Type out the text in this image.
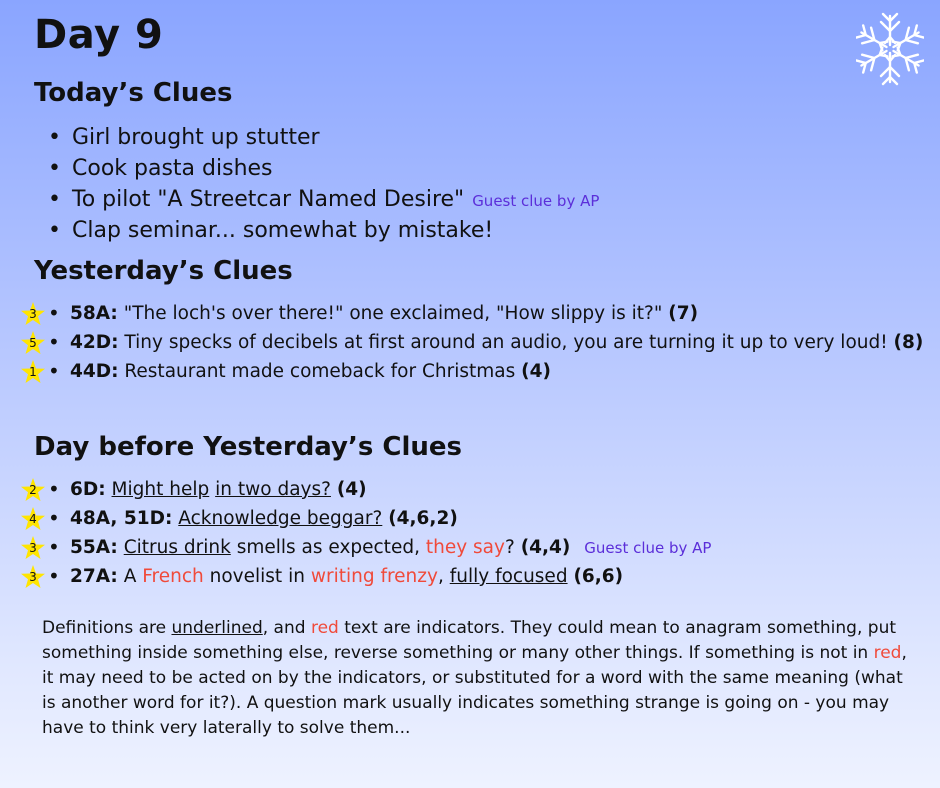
Day 9
Today’s Clues
• Girl brought up stutter
• Cook pasta dishes
• To pilot "A Streetcar Named Desire" Guest clue by AP
• Clap seminar... somewhat by mistake!
Yesterday’s Clues
• 3	58A: "The loch's over there!" one exclaimed, "How slippy is it?" (7)
• 5	42D: Tiny specks of decibels at first around an audio, you are turning it up to very loud! (8)
• 1	44D: Restaurant made comeback for Christmas (4)
Day before Yesterday’s Clues
• 2	6D: Might help in two days? (4)
• 4	48A, 51D: Acknowledge beggar? (4,6,2)
• 3	55A: Citrus drink smells as expected, they say? (4,4) Guest clue by AP
• 3	27A: A French novelist in writing frenzy, fully focused (6,6)

Definitions are underlined, and red text are indicators. They could mean to anagram something, put something inside something else, reverse something or many other things. If something is not in red, it may need to be acted on by the indicators, or substituted for a word with the same meaning (what is another word for it?). A question mark usually indicates something strange is going on - you may have to think very laterally to solve them...
